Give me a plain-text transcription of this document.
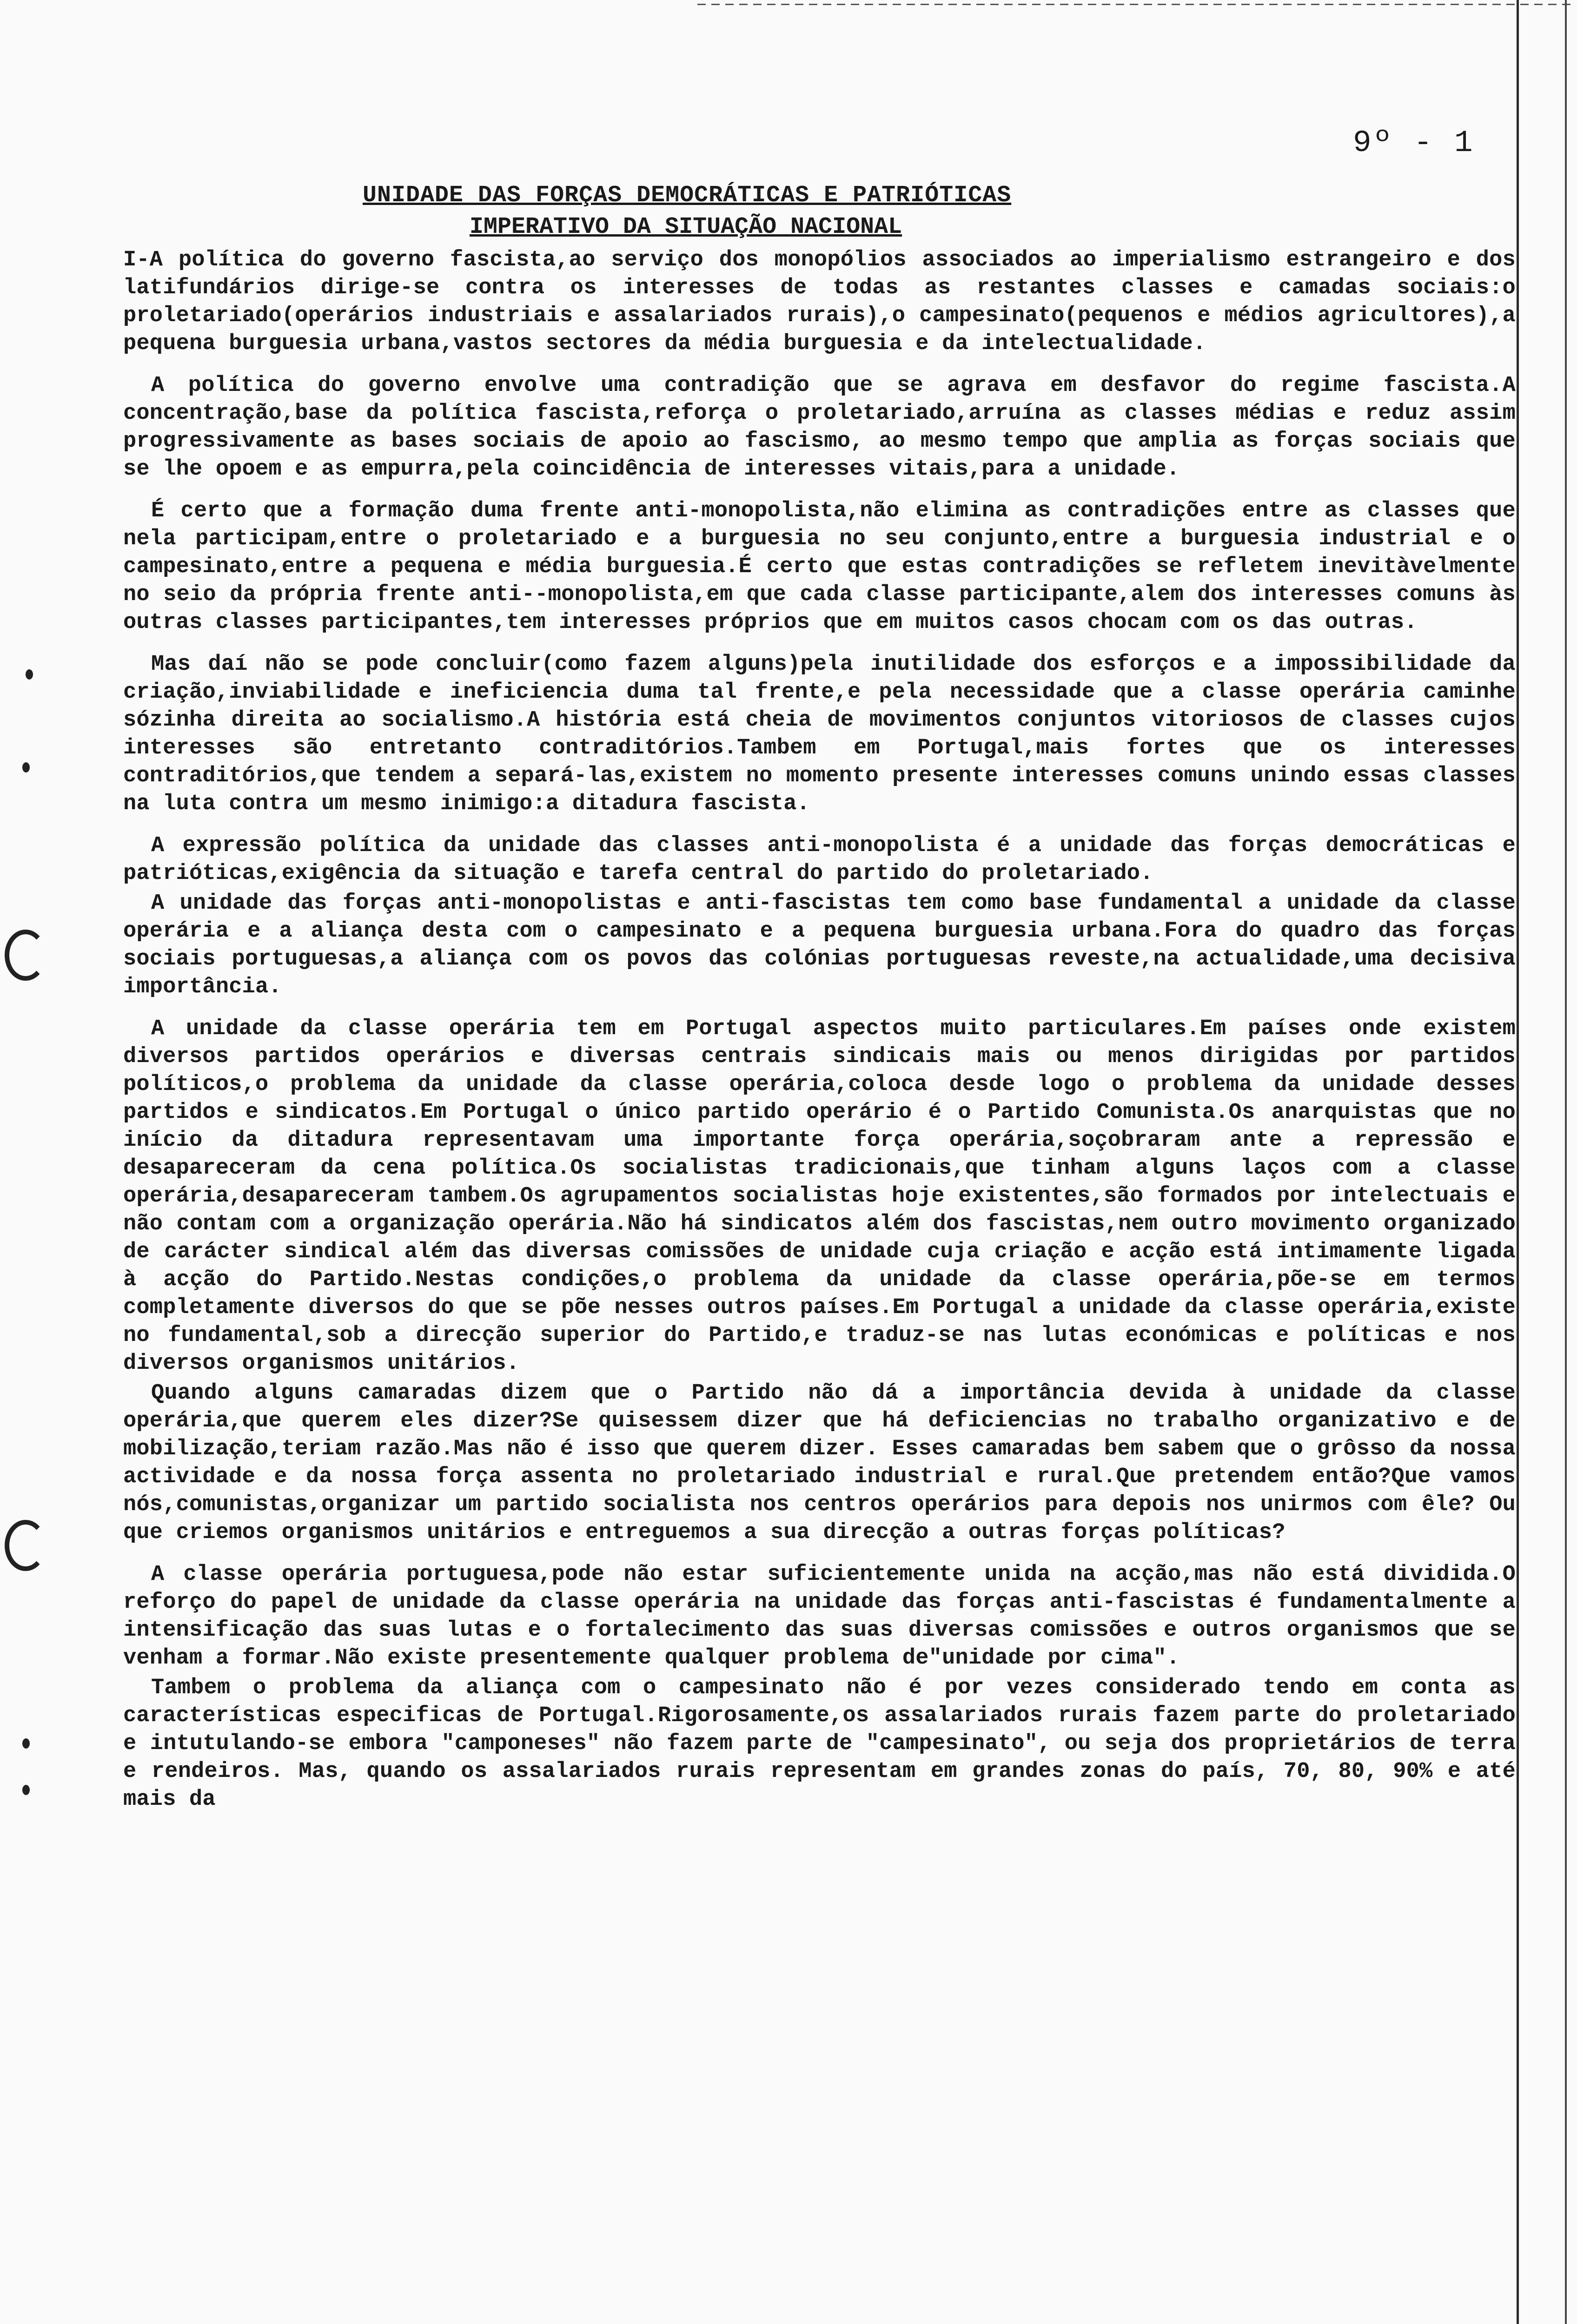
9º - 1
UNIDADE DAS FORÇAS DEMOCRÁTICAS E PATRIÓTICAS
IMPERATIVO DA SITUAÇÃO NACIONAL

I-A política do governo fascista,ao serviço dos monopólios associados ao imperialismo estrangeiro e dos latifundários dirige-se contra os interesses de todas as restantes classes e camadas sociais:o proletariado(operários industriais e assalariados rurais),o campesinato(pequenos e médios agricultores),a pequena burguesia urbana,vastos sectores da média burguesia e da intelectualidade.

A política do governo envolve uma contradição que se agrava em desfavor do regime fascista.A concentração,base da política fascista,reforça o proletariado,arruína as classes médias e reduz assim progressivamente as bases sociais de apoio ao fascismo, ao mesmo tempo que amplia as forças sociais que se lhe opoem e as empurra,pela coincidência de interesses vitais,para a unidade.

É certo que a formação duma frente anti-monopolista,não elimina as contradições entre as classes que nela participam,entre o proletariado e a burguesia no seu conjunto,entre a burguesia industrial e o campesinato,entre a pequena e média burguesia.É certo que estas contradições se refletem inevitàvelmente no seio da própria frente anti--monopolista,em que cada classe participante,alem dos interesses comuns às outras classes participantes,tem interesses próprios que em muitos casos chocam com os das outras.

Mas daí não se pode concluir(como fazem alguns)pela inutilidade dos esforços e a impossibilidade da criação,inviabilidade e ineficiencia duma tal frente,e pela necessidade que a classe operária caminhe sózinha direita ao socialismo.A história está cheia de movimentos conjuntos vitoriosos de classes cujos interesses são entretanto contraditórios.Tambem em Portugal,mais fortes que os interesses contraditórios,que tendem a separá-las,existem no momento presente interesses comuns unindo essas classes na luta contra um mesmo inimigo:a ditadura fascista.

A expressão política da unidade das classes anti-monopolista é a unidade das forças democráticas e patrióticas,exigência da situação e tarefa central do partido do proletariado.

A unidade das forças anti-monopolistas e anti-fascistas tem como base fundamental a unidade da classe operária e a aliança desta com o campesinato e a pequena burguesia urbana.Fora do quadro das forças sociais portuguesas,a aliança com os povos das colónias portuguesas reveste,na actualidade,uma decisiva importância.

A unidade da classe operária tem em Portugal aspectos muito particulares.Em países onde existem diversos partidos operários e diversas centrais sindicais mais ou menos dirigidas por partidos políticos,o problema da unidade da classe operária,coloca desde logo o problema da unidade desses partidos e sindicatos.Em Portugal o único partido operário é o Partido Comunista.Os anarquistas que no início da ditadura representavam uma importante força operária,soçobraram ante a repressão e desapareceram da cena política.Os socialistas tradicionais,que tinham alguns laços com a classe operária,desapareceram tambem.Os agrupamentos socialistas hoje existentes,são formados por intelectuais e não contam com a organização operária.Não há sindicatos além dos fascistas,nem outro movimento organizado de carácter sindical além das diversas comissões de unidade cuja criação e acção está intimamente ligada à acção do Partido.Nestas condições,o problema da unidade da classe operária,põe-se em termos completamente diversos do que se põe nesses outros países.Em Portugal a unidade da classe operária,existe no fundamental,sob a direcção superior do Partido,e traduz-se nas lutas económicas e políticas e nos diversos organismos unitários.

Quando alguns camaradas dizem que o Partido não dá a importância devida à unidade da classe operária,que querem eles dizer?Se quisessem dizer que há deficiencias no trabalho organizativo e de mobilização,teriam razão.Mas não é isso que querem dizer. Esses camaradas bem sabem que o grôsso da nossa actividade e da nossa força assenta no proletariado industrial e rural.Que pretendem então?Que vamos nós,comunistas,organizar um partido socialista nos centros operários para depois nos unirmos com êle? Ou que criemos organismos unitários e entreguemos a sua direcção a outras forças políticas?

A classe operária portuguesa,pode não estar suficientemente unida na acção,mas não está dividida.O reforço do papel de unidade da classe operária na unidade das forças anti-fascistas é fundamentalmente a intensificação das suas lutas e o fortalecimento das suas diversas comissões e outros organismos que se venham a formar.Não existe presentemente qualquer problema de"unidade por cima".

Tambem o problema da aliança com o campesinato não é por vezes considerado tendo em conta as características especificas de Portugal.Rigorosamente,os assalariados rurais fazem parte do proletariado e intutulando-se embora "camponeses" não fazem parte de "campesinato", ou seja dos proprietários de terra e rendeiros. Mas, quando os assalariados rurais representam em grandes zonas do país, 70, 80, 90% e até mais da
